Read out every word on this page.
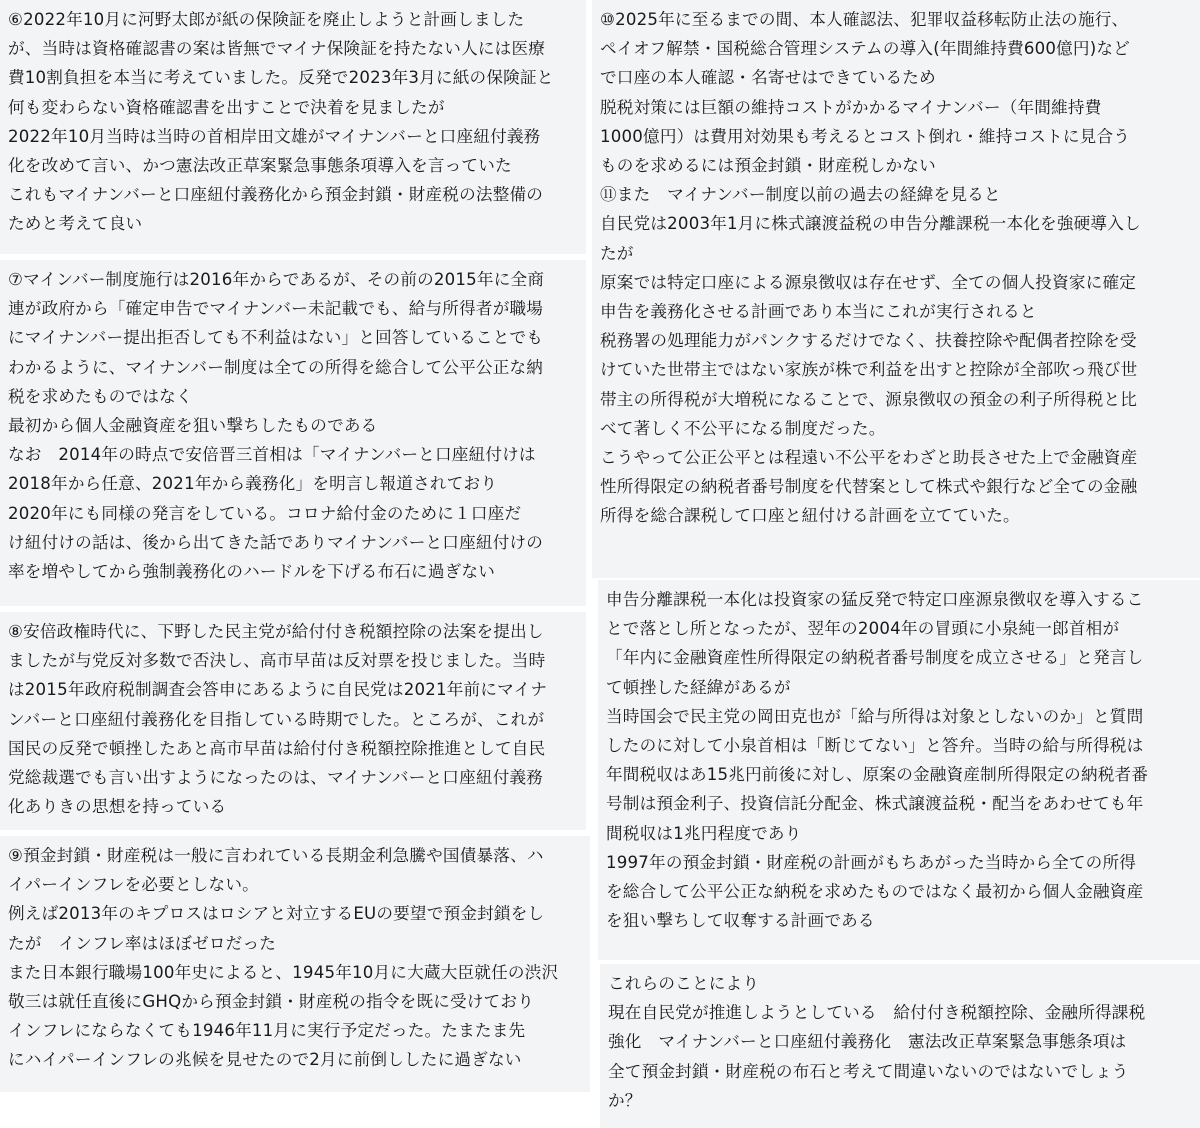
⑥2022年10月に河野太郎が紙の保険証を廃止しようと計画しました
が、当時は資格確認書の案は皆無でマイナ保険証を持たない人には医療
費10割負担を本当に考えていました。反発で2023年3月に紙の保険証と
何も変わらない資格確認書を出すことで決着を見ましたが
2022年10月当時は当時の首相岸田文雄がマイナンバーと口座紐付義務
化を改めて言い、かつ憲法改正草案緊急事態条項導入を言っていた
これもマイナンバーと口座紐付義務化から預金封鎖・財産税の法整備の
ためと考えて良い
⑦マインバー制度施行は2016年からであるが、その前の2015年に全商
連が政府から「確定申告でマイナンバー未記載でも、給与所得者が職場
にマイナンバー提出拒否しても不利益はない」と回答していることでも
わかるように、マイナンバー制度は全ての所得を総合して公平公正な納
税を求めたものではなく
最初から個人金融資産を狙い撃ちしたものである
なお　2014年の時点で安倍晋三首相は「マイナンバーと口座紐付けは
2018年から任意、2021年から義務化」を明言し報道されており
2020年にも同様の発言をしている。コロナ給付金のために１口座だ
け紐付けの話は、後から出てきた話でありマイナンバーと口座紐付けの
率を増やしてから強制義務化のハードルを下げる布石に過ぎない
⑧安倍政権時代に、下野した民主党が給付付き税額控除の法案を提出し
ましたが与党反対多数で否決し、高市早苗は反対票を投じました。当時
は2015年政府税制調査会答申にあるように自民党は2021年前にマイナ
ンバーと口座紐付義務化を目指している時期でした。ところが、これが
国民の反発で頓挫したあと高市早苗は給付付き税額控除推進として自民
党総裁選でも言い出すようになったのは、マイナンバーと口座紐付義務
化ありきの思想を持っている
⑨預金封鎖・財産税は一般に言われている長期金利急騰や国債暴落、ハ
イパーインフレを必要としない。
例えば2013年のキプロスはロシアと対立するEUの要望で預金封鎖をし
たが　インフレ率はほぼゼロだった
また日本銀行職場100年史によると、1945年10月に大蔵大臣就任の渋沢
敬三は就任直後にGHQから預金封鎖・財産税の指令を既に受けており
インフレにならなくても1946年11月に実行予定だった。たまたま先
にハイパーインフレの兆候を見せたので2月に前倒ししたに過ぎない
⑩2025年に至るまでの間、本人確認法、犯罪収益移転防止法の施行、
ペイオフ解禁・国税総合管理システムの導入(年間維持費600億円)など
で口座の本人確認・名寄せはできているため
脱税対策には巨額の維持コストがかかるマイナンバー（年間維持費
1000億円）は費用対効果も考えるとコスト倒れ・維持コストに見合う
ものを求めるには預金封鎖・財産税しかない
⑪また　マイナンバー制度以前の過去の経緯を見ると
自民党は2003年1月に株式譲渡益税の申告分離課税一本化を強硬導入し
たが
原案では特定口座による源泉徴収は存在せず、全ての個人投資家に確定
申告を義務化させる計画であり本当にこれが実行されると
税務署の処理能力がパンクするだけでなく、扶養控除や配偶者控除を受
けていた世帯主ではない家族が株で利益を出すと控除が全部吹っ飛び世
帯主の所得税が大増税になることで、源泉徴収の預金の利子所得税と比
べて著しく不公平になる制度だった。
こうやって公正公平とは程遠い不公平をわざと助長させた上で金融資産
性所得限定の納税者番号制度を代替案として株式や銀行など全ての金融
所得を総合課税して口座と紐付ける計画を立てていた。
申告分離課税一本化は投資家の猛反発で特定口座源泉徴収を導入するこ
とで落とし所となったが、翌年の2004年の冒頭に小泉純一郎首相が
「年内に金融資産性所得限定の納税者番号制度を成立させる」と発言し
て頓挫した経緯があるが
当時国会で民主党の岡田克也が「給与所得は対象としないのか」と質問
したのに対して小泉首相は「断じてない」と答弁。当時の給与所得税は
年間税収はあ15兆円前後に対し、原案の金融資産制所得限定の納税者番
号制は預金利子、投資信託分配金、株式譲渡益税・配当をあわせても年
間税収は1兆円程度であり
1997年の預金封鎖・財産税の計画がもちあがった当時から全ての所得
を総合して公平公正な納税を求めたものではなく最初から個人金融資産
を狙い撃ちして収奪する計画である
これらのことにより
現在自民党が推進しようとしている　給付付き税額控除、金融所得課税
強化　マイナンバーと口座紐付義務化　憲法改正草案緊急事態条項は
全て預金封鎖・財産税の布石と考えて間違いないのではないでしょう
か？
